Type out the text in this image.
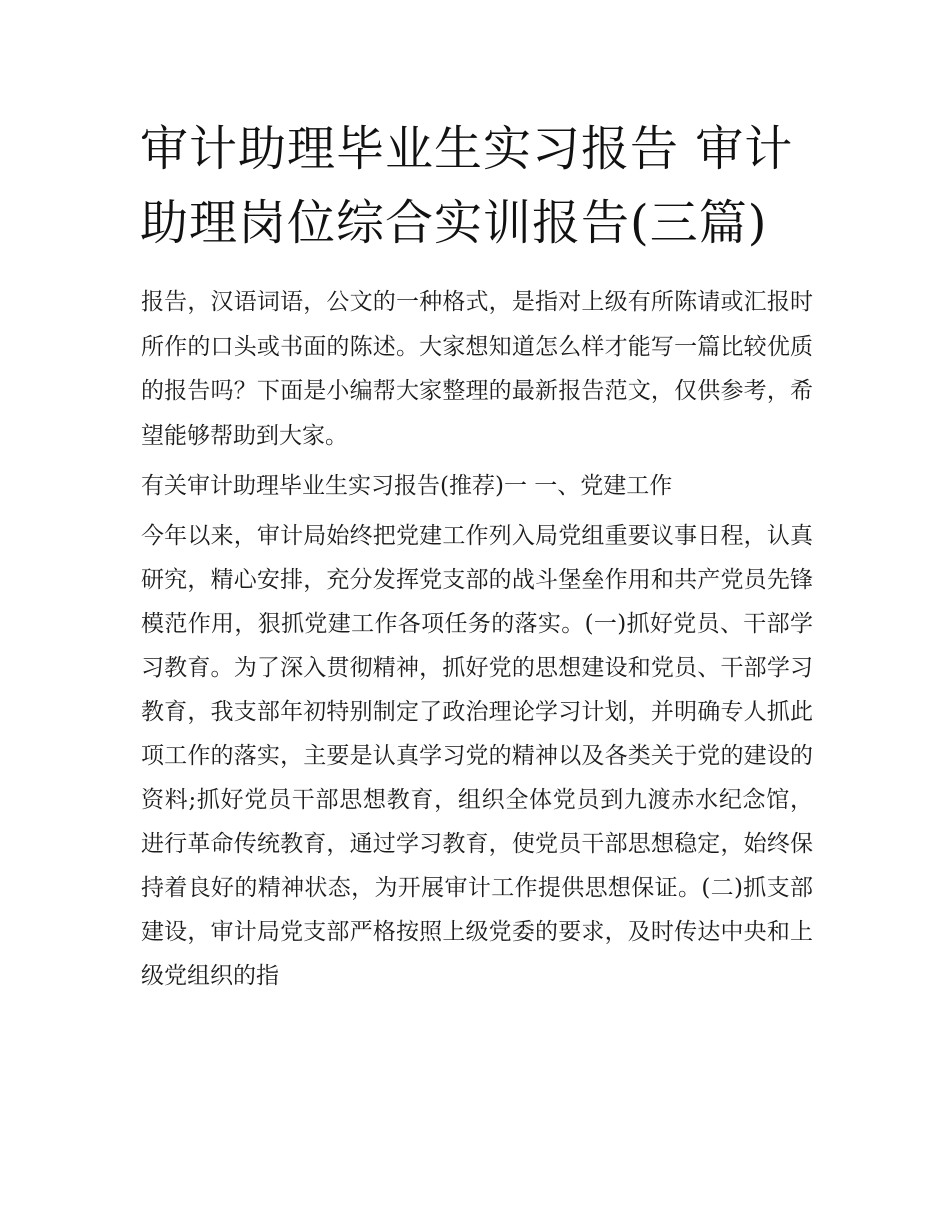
审计助理毕业生实习报告 审计助理岗位综合实训报告(三篇)

报告，汉语词语，公文的一种格式，是指对上级有所陈请或汇报时所作的口头或书面的陈述。大家想知道怎么样才能写一篇比较优质的报告吗？下面是小编帮大家整理的最新报告范文，仅供参考，希望能够帮助到大家。

有关审计助理毕业生实习报告(推荐)一 一、党建工作

今年以来，审计局始终把党建工作列入局党组重要议事日程，认真研究，精心安排，充分发挥党支部的战斗堡垒作用和共产党员先锋模范作用，狠抓党建工作各项任务的落实。(一)抓好党员、干部学习教育。为了深入贯彻精神，抓好党的思想建设和党员、干部学习教育，我支部年初特别制定了政治理论学习计划，并明确专人抓此项工作的落实，主要是认真学习党的精神以及各类关于党的建设的资料;抓好党员干部思想教育，组织全体党员到九渡赤水纪念馆，进行革命传统教育，通过学习教育，使党员干部思想稳定，始终保持着良好的精神状态，为开展审计工作提供思想保证。(二)抓支部建设，审计局党支部严格按照上级党委的要求，及时传达中央和上级党组织的指
